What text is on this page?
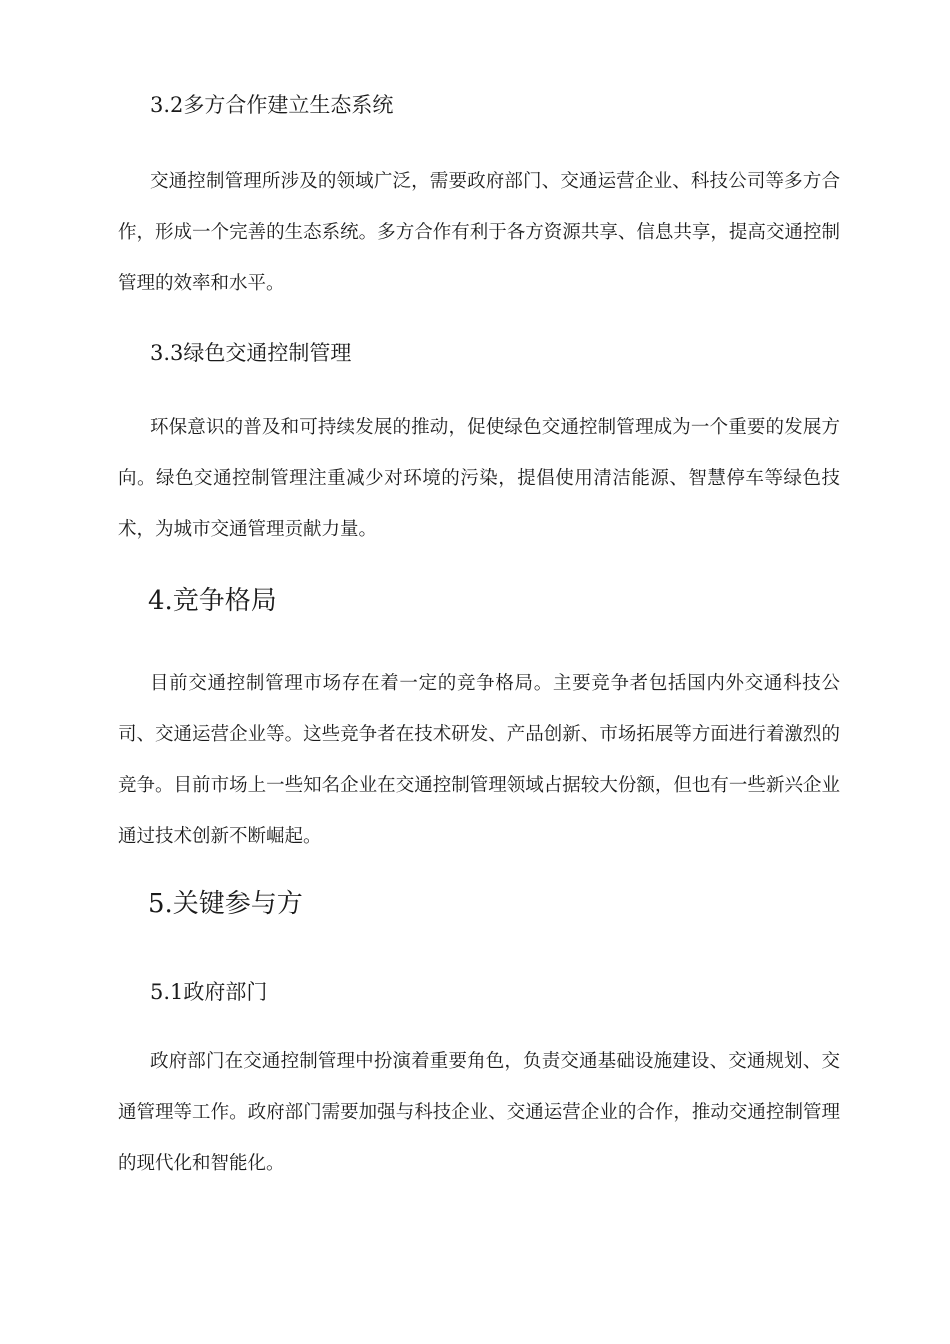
3.2多方合作建立生态系统
交通控制管理所涉及的领域广泛，需要政府部门、交通运营企业、科技公司等多方合作，形成一个完善的生态系统。多方合作有利于各方资源共享、信息共享，提高交通控制管理的效率和水平。
3.3绿色交通控制管理
环保意识的普及和可持续发展的推动，促使绿色交通控制管理成为一个重要的发展方向。绿色交通控制管理注重减少对环境的污染，提倡使用清洁能源、智慧停车等绿色技术，为城市交通管理贡献力量。
4.竞争格局
目前交通控制管理市场存在着一定的竞争格局。主要竞争者包括国内外交通科技公司、交通运营企业等。这些竞争者在技术研发、产品创新、市场拓展等方面进行着激烈的竞争。目前市场上一些知名企业在交通控制管理领域占据较大份额，但也有一些新兴企业通过技术创新不断崛起。
5.关键参与方
5.1政府部门
政府部门在交通控制管理中扮演着重要角色，负责交通基础设施建设、交通规划、交通管理等工作。政府部门需要加强与科技企业、交通运营企业的合作，推动交通控制管理的现代化和智能化。
